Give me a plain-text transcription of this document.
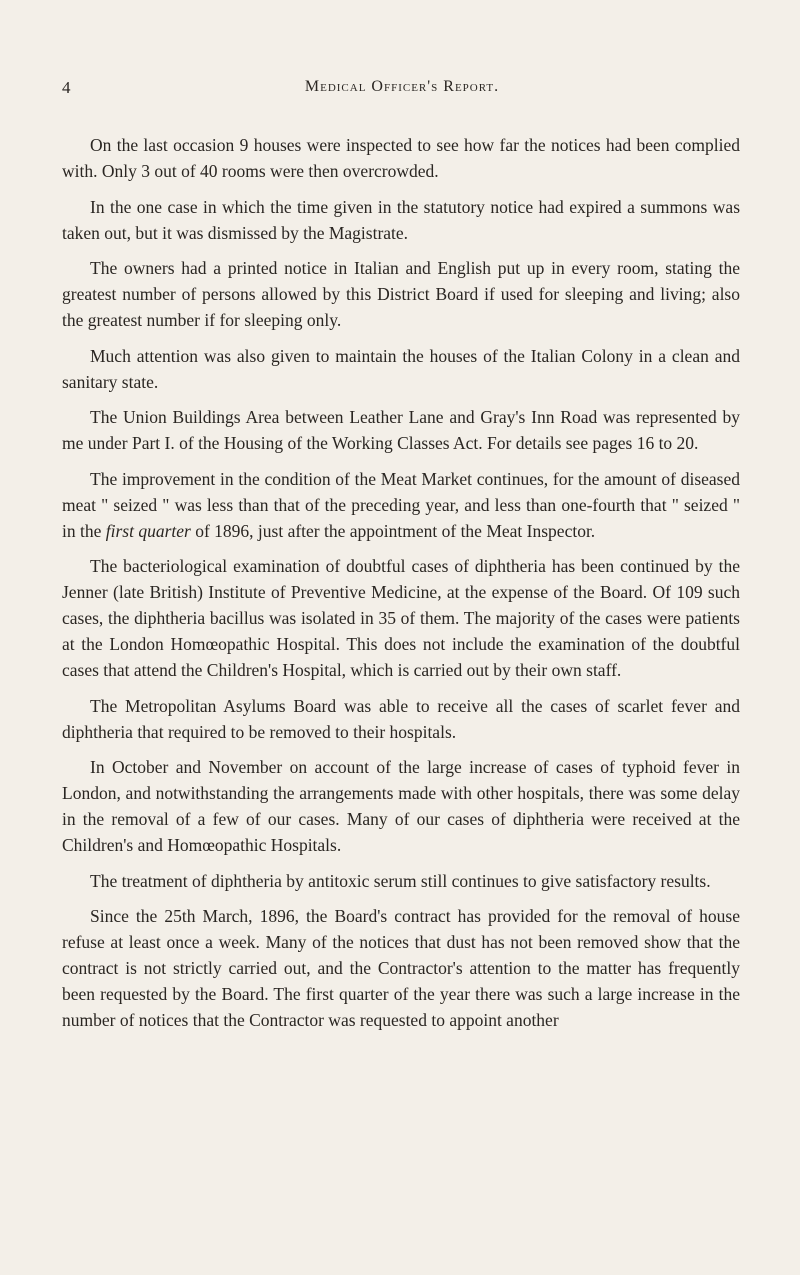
4	Medical Officer's Report.

On the last occasion 9 houses were inspected to see how far the notices had been complied with. Only 3 out of 40 rooms were then overcrowded.

In the one case in which the time given in the statutory notice had expired a summons was taken out, but it was dismissed by the Magistrate.

The owners had a printed notice in Italian and English put up in every room, stating the greatest number of persons allowed by this District Board if used for sleeping and living; also the greatest number if for sleeping only.

Much attention was also given to maintain the houses of the Italian Colony in a clean and sanitary state.

The Union Buildings Area between Leather Lane and Gray's Inn Road was represented by me under Part I. of the Housing of the Working Classes Act. For details see pages 16 to 20.

The improvement in the condition of the Meat Market continues, for the amount of diseased meat " seized " was less than that of the preceding year, and less than one-fourth that " seized " in the first quarter of 1896, just after the appointment of the Meat Inspector.

The bacteriological examination of doubtful cases of diphtheria has been continued by the Jenner (late British) Institute of Preventive Medicine, at the expense of the Board. Of 109 such cases, the diphtheria bacillus was isolated in 35 of them. The majority of the cases were patients at the London Homœopathic Hospital. This does not include the examination of the doubtful cases that attend the Children's Hospital, which is carried out by their own staff.

The Metropolitan Asylums Board was able to receive all the cases of scarlet fever and diphtheria that required to be removed to their hospitals.

In October and November on account of the large increase of cases of typhoid fever in London, and notwithstanding the arrangements made with other hospitals, there was some delay in the removal of a few of our cases. Many of our cases of diphtheria were received at the Children's and Homœopathic Hospitals.

The treatment of diphtheria by antitoxic serum still continues to give satisfactory results.

Since the 25th March, 1896, the Board's contract has provided for the removal of house refuse at least once a week. Many of the notices that dust has not been removed show that the contract is not strictly carried out, and the Contractor's attention to the matter has frequently been requested by the Board. The first quarter of the year there was such a large increase in the number of notices that the Contractor was requested to appoint another
